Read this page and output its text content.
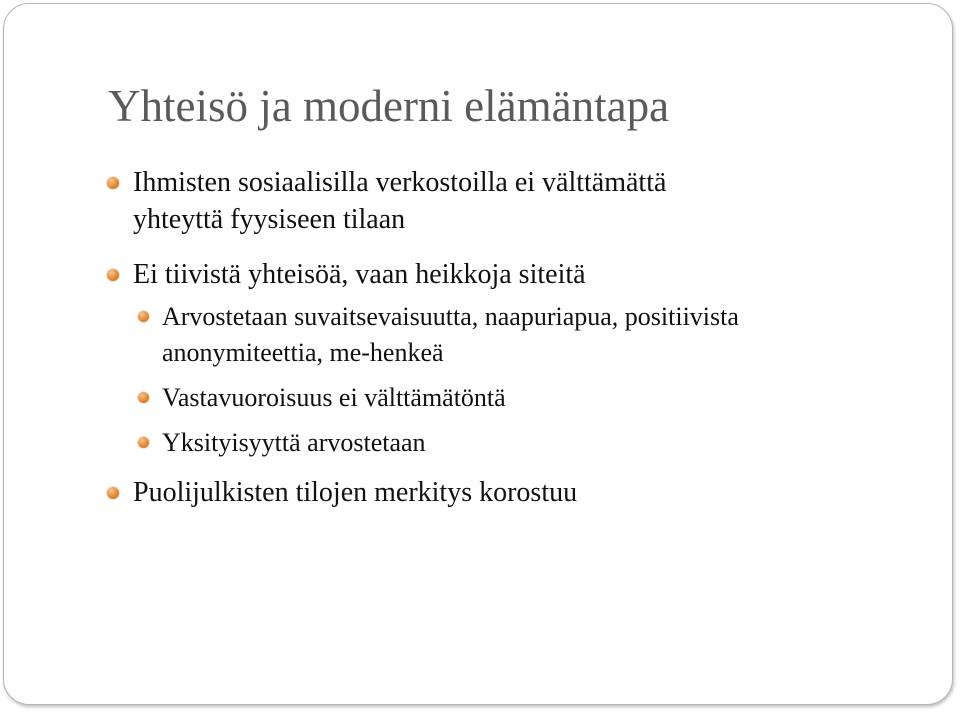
Yhteisö ja moderni elämäntapa
Ihmisten sosiaalisilla verkostoilla ei välttämättä
yhteyttä fyysiseen tilaan
Ei tiivistä yhteisöä, vaan heikkoja siteitä
Arvostetaan suvaitsevaisuutta, naapuriapua, positiivista
anonymiteettia, me-henkeä
Vastavuoroisuus ei välttämätöntä
Yksityisyyttä arvostetaan
Puolijulkisten tilojen merkitys korostuu
